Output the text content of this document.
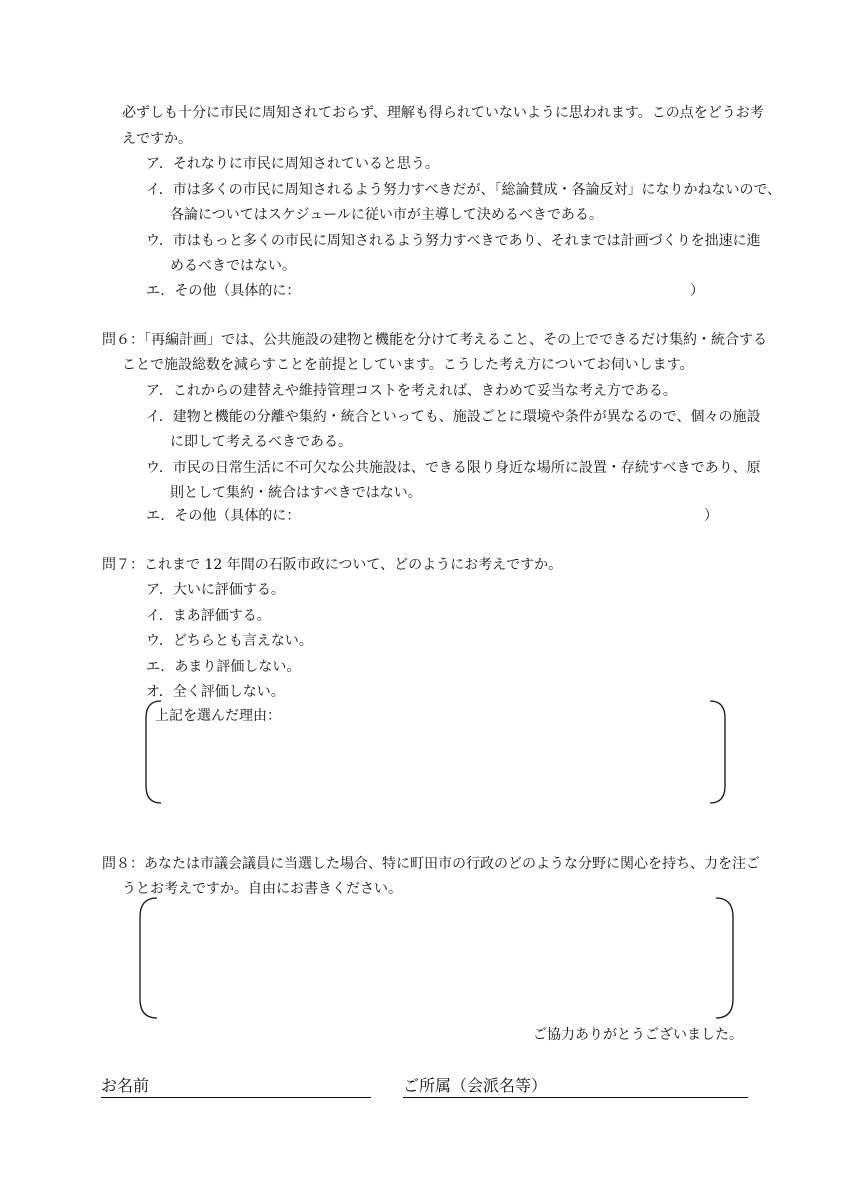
必ずしも十分に市民に周知されておらず、理解も得られていないように思われます。この点をどうお考
えですか。
ア．それなりに市民に周知されていると思う。
イ．市は多くの市民に周知されるよう努力すべきだが、「総論賛成・各論反対」になりかねないので、
各論についてはスケジュールに従い市が主導して決めるべきである。
ウ．市はもっと多くの市民に周知されるよう努力すべきであり、それまでは計画づくりを拙速に進
めるべきではない。
エ．その他（具体的に：	）
問６：「再編計画」では、公共施設の建物と機能を分けて考えること、その上でできるだけ集約・統合する
ことで施設総数を減らすことを前提としています。こうした考え方についてお伺いします。
ア．これからの建替えや維持管理コストを考えれば、きわめて妥当な考え方である。
イ．建物と機能の分離や集約・統合といっても、施設ごとに環境や条件が異なるので、個々の施設
に即して考えるべきである。
ウ．市民の日常生活に不可欠な公共施設は、できる限り身近な場所に設置・存続すべきであり、原
則として集約・統合はすべきではない。
エ．その他（具体的に：	）
問７：これまで 12 年間の石阪市政について、どのようにお考えですか。
ア．大いに評価する。
イ．まあ評価する。
ウ．どちらとも言えない。
エ．あまり評価しない。
オ．全く評価しない。
上記を選んだ理由：
問８：あなたは市議会議員に当選した場合、特に町田市の行政のどのような分野に関心を持ち、力を注ご
うとお考えですか。自由にお書きください。
ご協力ありがとうございました。
お名前	ご所属（会派名等）
